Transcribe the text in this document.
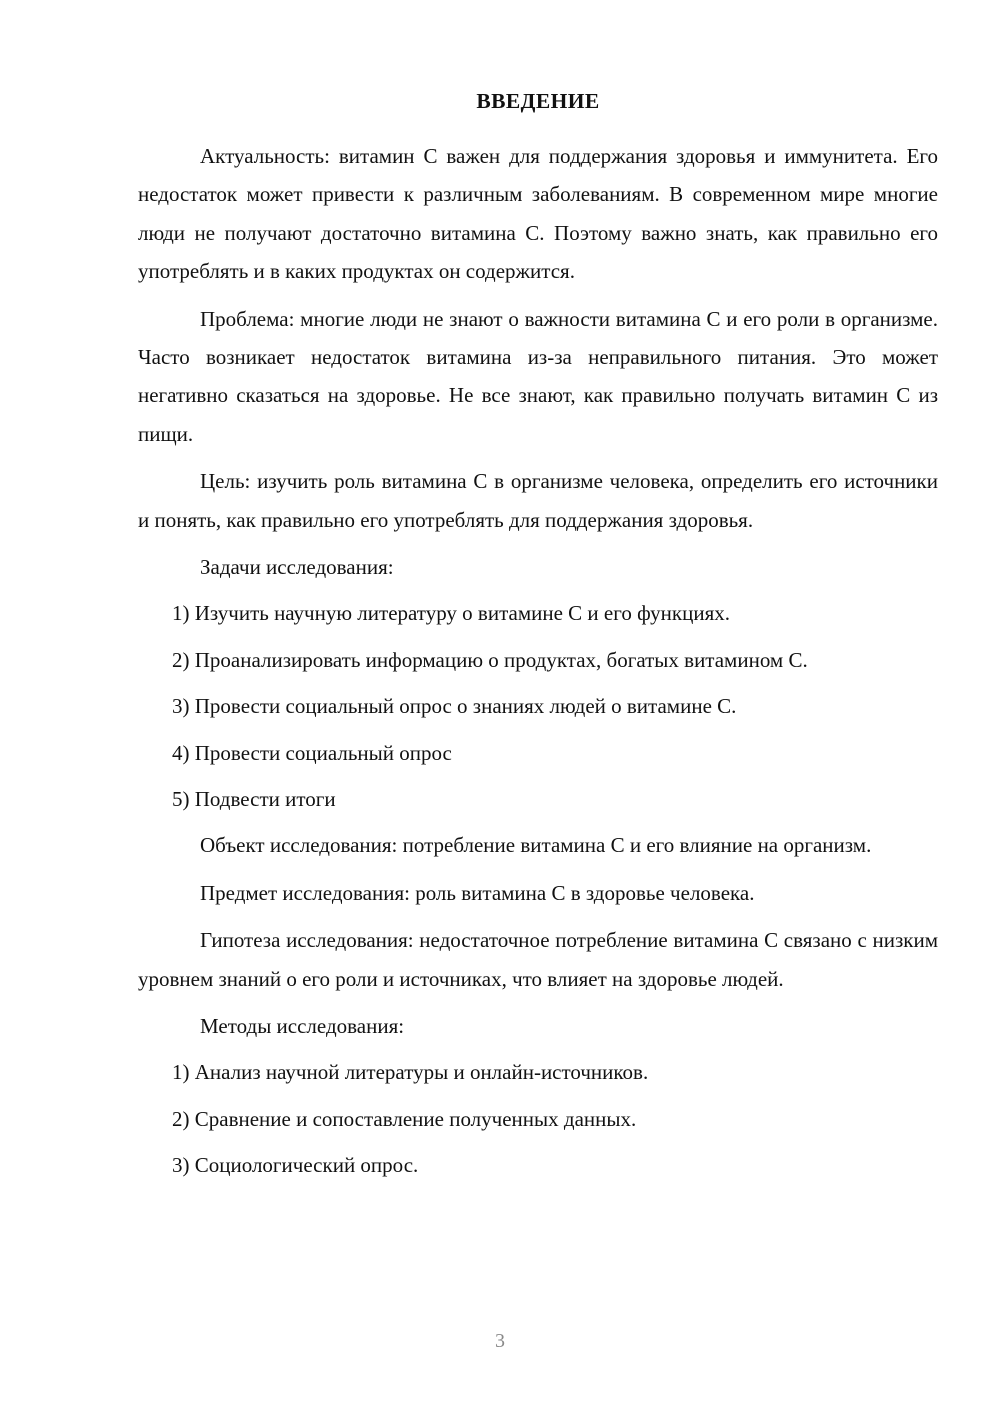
ВВЕДЕНИЕ

Актуальность: витамин С важен для поддержания здоровья и иммунитета. Его недостаток может привести к различным заболеваниям. В современном мире многие люди не получают достаточно витамина С. Поэтому важно знать, как правильно его употреблять и в каких продуктах он содержится.

Проблема: многие люди не знают о важности витамина С и его роли в организме. Часто возникает недостаток витамина из-за неправильного питания. Это может негативно сказаться на здоровье. Не все знают, как правильно получать витамин С из пищи.

Цель: изучить роль витамина С в организме человека, определить его источники и понять, как правильно его употреблять для поддержания здоровья.

Задачи исследования:

1) Изучить научную литературу о витамине С и его функциях.

2) Проанализировать информацию о продуктах, богатых витамином С.

3) Провести социальный опрос о знаниях людей о витамине С.

4) Провести социальный опрос

5) Подвести итоги

Объект исследования: потребление витамина С и его влияние на организм.

Предмет исследования: роль витамина С в здоровье человека.

Гипотеза исследования: недостаточное потребление витамина С связано с низким уровнем знаний о его роли и источниках, что влияет на здоровье людей.

Методы исследования:

1) Анализ научной литературы и онлайн-источников.

2) Сравнение и сопоставление полученных данных.

3) Социологический опрос.

3
